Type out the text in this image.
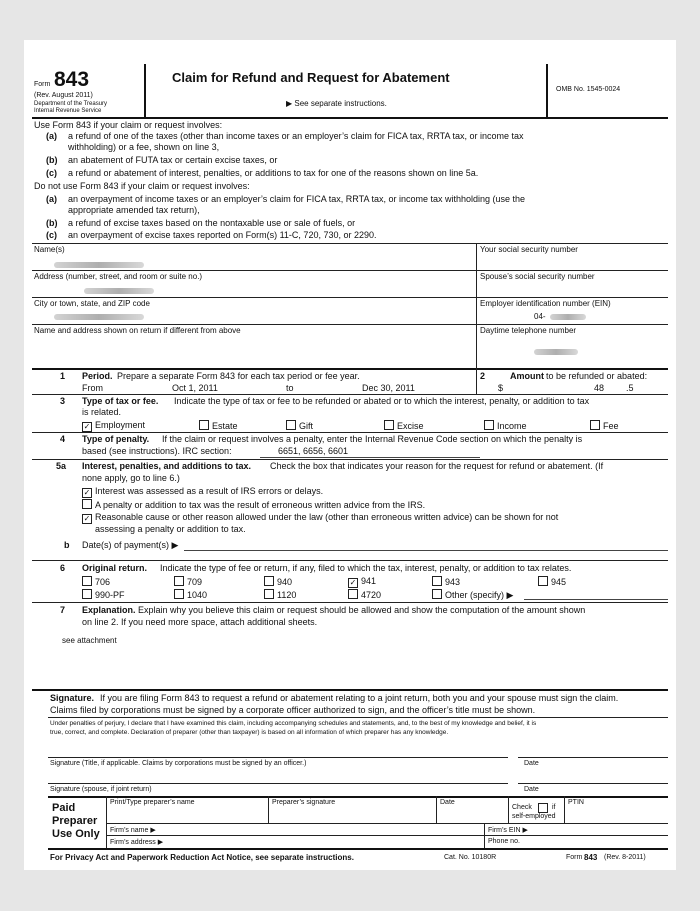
Form 843
(Rev. August 2011)
Department of the Treasury
Internal Revenue Service
Claim for Refund and Request for Abatement
▶ See separate instructions.
OMB No. 1545-0024
Use Form 843 if your claim or request involves:
(a) a refund of one of the taxes (other than income taxes or an employer’s claim for FICA tax, RRTA tax, or income tax
withholding) or a fee, shown on line 3,
(b) an abatement of FUTA tax or certain excise taxes, or
(c) a refund or abatement of interest, penalties, or additions to tax for one of the reasons shown on line 5a.
Do not use Form 843 if your claim or request involves:
(a) an overpayment of income taxes or an employer’s claim for FICA tax, RRTA tax, or income tax withholding (use the
appropriate amended tax return),
(b) a refund of excise taxes based on the nontaxable use or sale of fuels, or
(c) an overpayment of excise taxes reported on Form(s) 11-C, 720, 730, or 2290.
Name(s)	Your social security number
Address (number, street, and room or suite no.)	Spouse’s social security number
City or town, state, and ZIP code	Employer identification number (EIN)
04-
Name and address shown on return if different from above	Daytime telephone number
1 Period. Prepare a separate Form 843 for each tax period or fee year.
From	Oct 1, 2011	to	Dec 30, 2011
2	Amount to be refunded or abated:
$	48 .5
3 Type of tax or fee. Indicate the type of tax or fee to be refunded or abated or to which the interest, penalty, or addition to tax
is related.
✓ Employment	Estate	Gift	Excise	Income	Fee
4 Type of penalty. If the claim or request involves a penalty, enter the Internal Revenue Code section on which the penalty is
based (see instructions). IRC section:	6651, 6656, 6601
5a Interest, penalties, and additions to tax. Check the box that indicates your reason for the request for refund or abatement. (If
none apply, go to line 6.)
✓ Interest was assessed as a result of IRS errors or delays.
A penalty or addition to tax was the result of erroneous written advice from the IRS.
✓ Reasonable cause or other reason allowed under the law (other than erroneous written advice) can be shown for not
assessing a penalty or addition to tax.
b Date(s) of payment(s) ▶
6 Original return. Indicate the type of fee or return, if any, filed to which the tax, interest, penalty, or addition to tax relates.
706	709	940	✓ 941	943	945
990-PF	1040	1120	4720	Other (specify) ▶
7 Explanation. Explain why you believe this claim or request should be allowed and show the computation of the amount shown
on line 2. If you need more space, attach additional sheets.
see attachment
Signature. If you are filing Form 843 to request a refund or abatement relating to a joint return, both you and your spouse must sign the claim.
Claims filed by corporations must be signed by a corporate officer authorized to sign, and the officer’s title must be shown.
Under penalties of perjury, I declare that I have examined this claim, including accompanying schedules and statements, and, to the best of my knowledge and belief, it is
true, correct, and complete. Declaration of preparer (other than taxpayer) is based on all information of which preparer has any knowledge.
Signature (Title, if applicable. Claims by corporations must be signed by an officer.)	Date
Signature (spouse, if joint return)	Date
Paid
Preparer
Use Only
Print/Type preparer’s name	Preparer’s signature	Date
Check	if
self-employed
PTIN
Firm’s name ▶	Firm’s EIN ▶
Firm’s address ▶	Phone no.
For Privacy Act and Paperwork Reduction Act Notice, see separate instructions.	Cat. No. 10180R	Form 843 (Rev. 8-2011)
